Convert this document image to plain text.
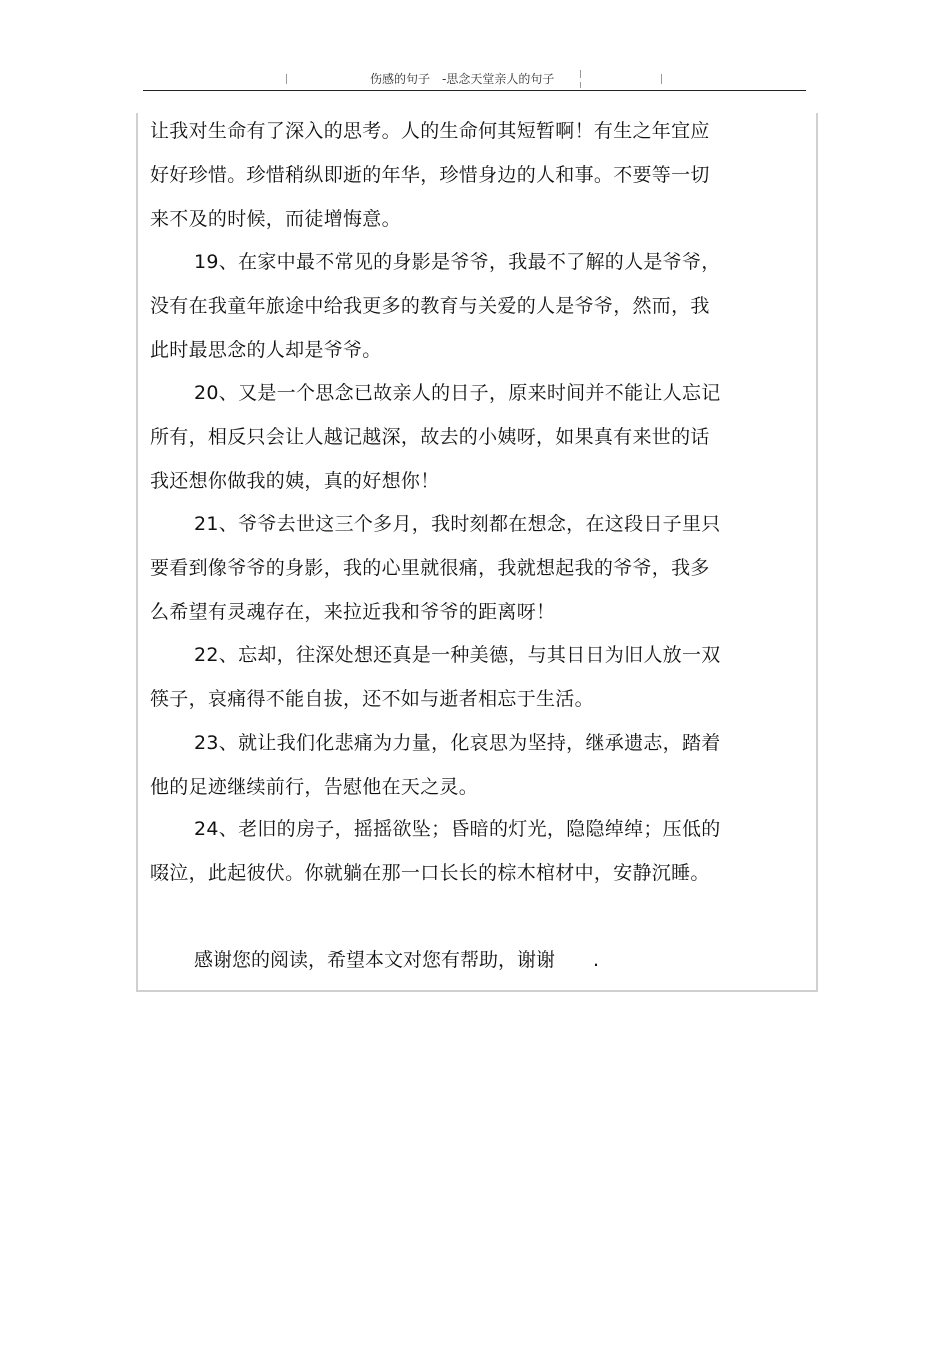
伤感的句子 -思念天堂亲人的句子
让我对生命有了深入的思考。人的生命何其短暂啊！有生之年宜应
好好珍惜。珍惜稍纵即逝的年华，珍惜身边的人和事。不要等一切
来不及的时候，而徒增悔意。
19、在家中最不常见的身影是爷爷，我最不了解的人是爷爷，
没有在我童年旅途中给我更多的教育与关爱的人是爷爷，然而，我
此时最思念的人却是爷爷。
20、又是一个思念已故亲人的日子，原来时间并不能让人忘记
所有，相反只会让人越记越深，故去的小姨呀，如果真有来世的话
我还想你做我的姨，真的好想你！
21、爷爷去世这三个多月，我时刻都在想念，在这段日子里只
要看到像爷爷的身影，我的心里就很痛，我就想起我的爷爷，我多
么希望有灵魂存在，来拉近我和爷爷的距离呀！
22、忘却，往深处想还真是一种美德，与其日日为旧人放一双
筷子，哀痛得不能自拔，还不如与逝者相忘于生活。
23、就让我们化悲痛为力量，化哀思为坚持，继承遗志，踏着
他的足迹继续前行，告慰他在天之灵。
24、老旧的房子，摇摇欲坠；昏暗的灯光，隐隐绰绰；压低的
啜泣，此起彼伏。你就躺在那一口长长的棕木棺材中，安静沉睡。
感谢您的阅读，希望本文对您有帮助，谢谢　　.
